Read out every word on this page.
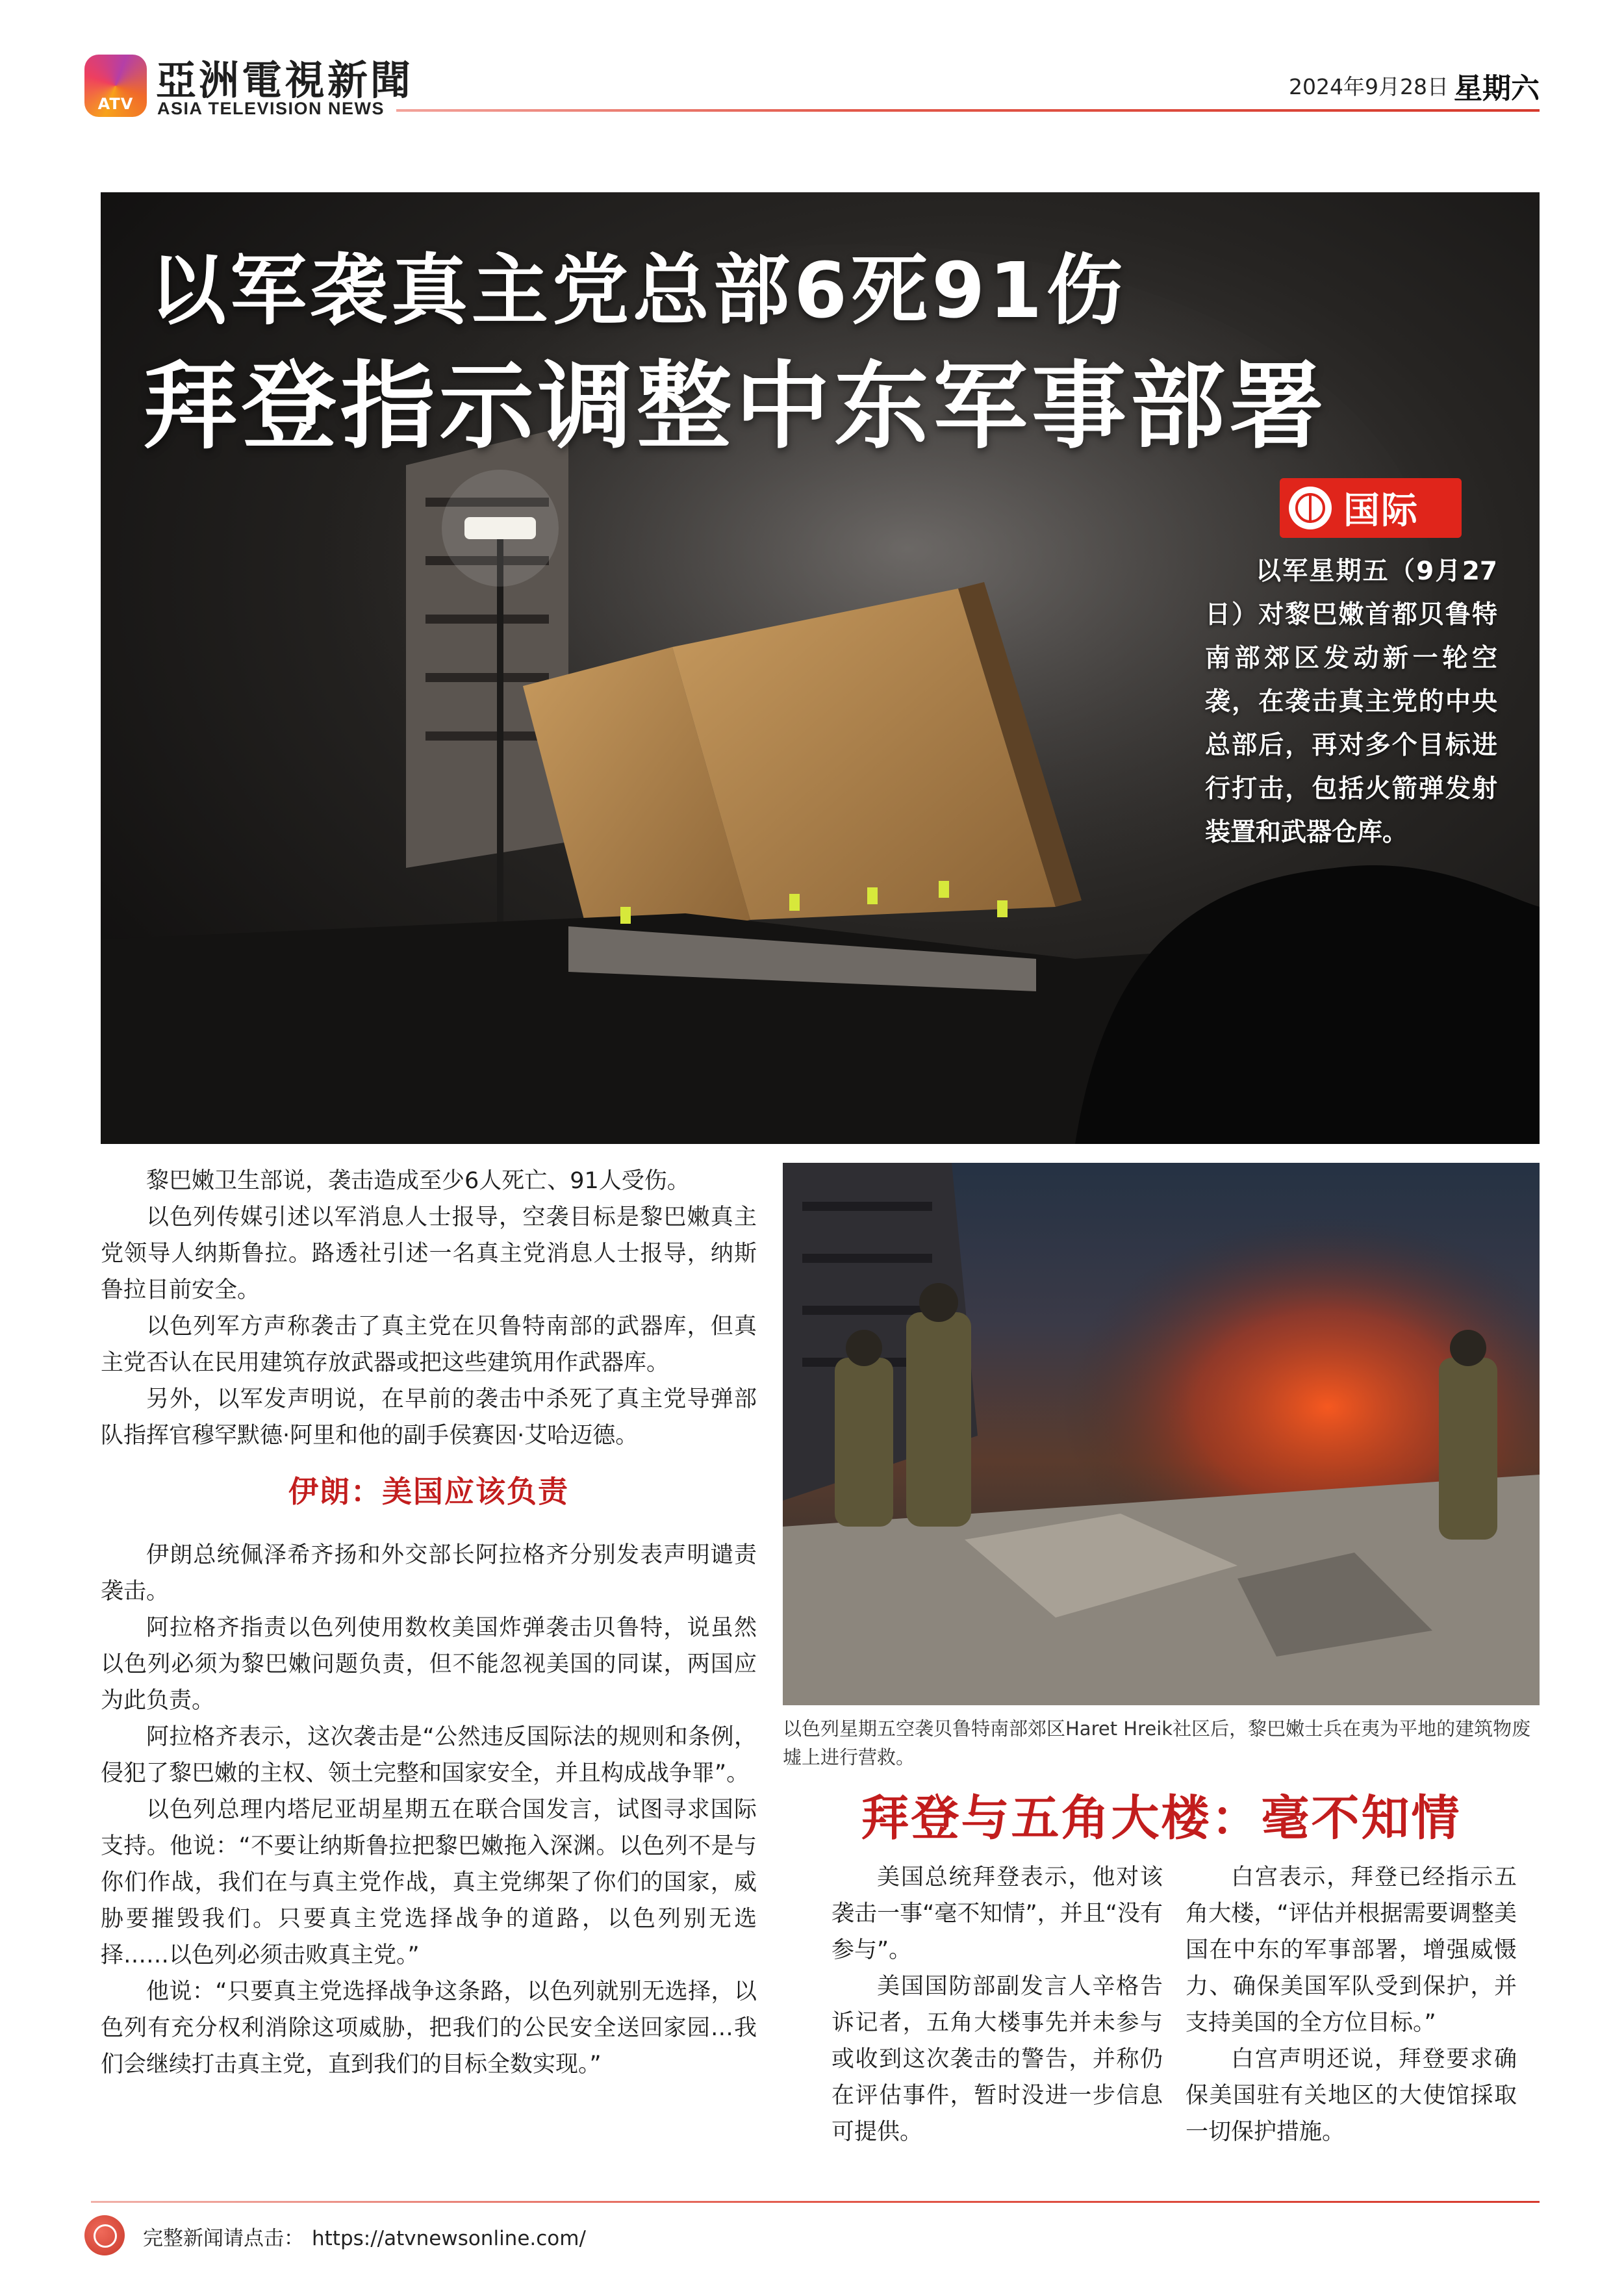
ATV 亞洲電視新聞
ASIA TELEVISION NEWS
2024年9月28日 星期六
以军袭真主党总部6死91伤
拜登指示调整中东军事部署
国际
以军星期五（9月27日）对黎巴嫩首都贝鲁特南部郊区发动新一轮空袭，在袭击真主党的中央总部后，再对多个目标进行打击，包括火箭弹发射装置和武器仓库。

黎巴嫩卫生部说，袭击造成至少6人死亡、91人受伤。

以色列传媒引述以军消息人士报导，空袭目标是黎巴嫩真主党领导人纳斯鲁拉。路透社引述一名真主党消息人士报导，纳斯鲁拉目前安全。

以色列军方声称袭击了真主党在贝鲁特南部的武器库，但真主党否认在民用建筑存放武器或把这些建筑用作武器库。

另外，以军发声明说，在早前的袭击中杀死了真主党导弹部队指挥官穆罕默德·阿里和他的副手侯赛因·艾哈迈德。

伊朗：美国应该负责

伊朗总统佩泽希齐扬和外交部长阿拉格齐分别发表声明谴责袭击。

阿拉格齐指责以色列使用数枚美国炸弹袭击贝鲁特，说虽然以色列必须为黎巴嫩问题负责，但不能忽视美国的同谋，两国应为此负责。

阿拉格齐表示，这次袭击是“公然违反国际法的规则和条例，侵犯了黎巴嫩的主权、领土完整和国家安全，并且构成战争罪”。

以色列总理内塔尼亚胡星期五在联合国发言，试图寻求国际支持。他说：“不要让纳斯鲁拉把黎巴嫩拖入深渊。以色列不是与你们作战，我们在与真主党作战，真主党绑架了你们的国家，威胁要摧毁我们。只要真主党选择战争的道路，以色列别无选择……以色列必须击败真主党。”

他说：“只要真主党选择战争这条路，以色列就别无选择，以色列有充分权利消除这项威胁，把我们的公民安全送回家园…我们会继续打击真主党，直到我们的目标全数实现。”

以色列星期五空袭贝鲁特南部郊区Haret Hreik社区后，黎巴嫩士兵在夷为平地的建筑物废墟上进行营救。
拜登与五角大楼：毫不知情

美国总统拜登表示，他对该袭击一事“毫不知情”，并且“没有参与”。

美国国防部副发言人辛格告诉记者，五角大楼事先并未参与或收到这次袭击的警告，并称仍在评估事件，暂时没进一步信息可提供。

白宫表示，拜登已经指示五角大楼，“评估并根据需要调整美国在中东的军事部署，增强威慑力、确保美国军队受到保护，并支持美国的全方位目标。”

白宫声明还说，拜登要求确保美国驻有关地区的大使馆採取一切保护措施。

完整新闻请点击： https://atvnewsonline.com/
